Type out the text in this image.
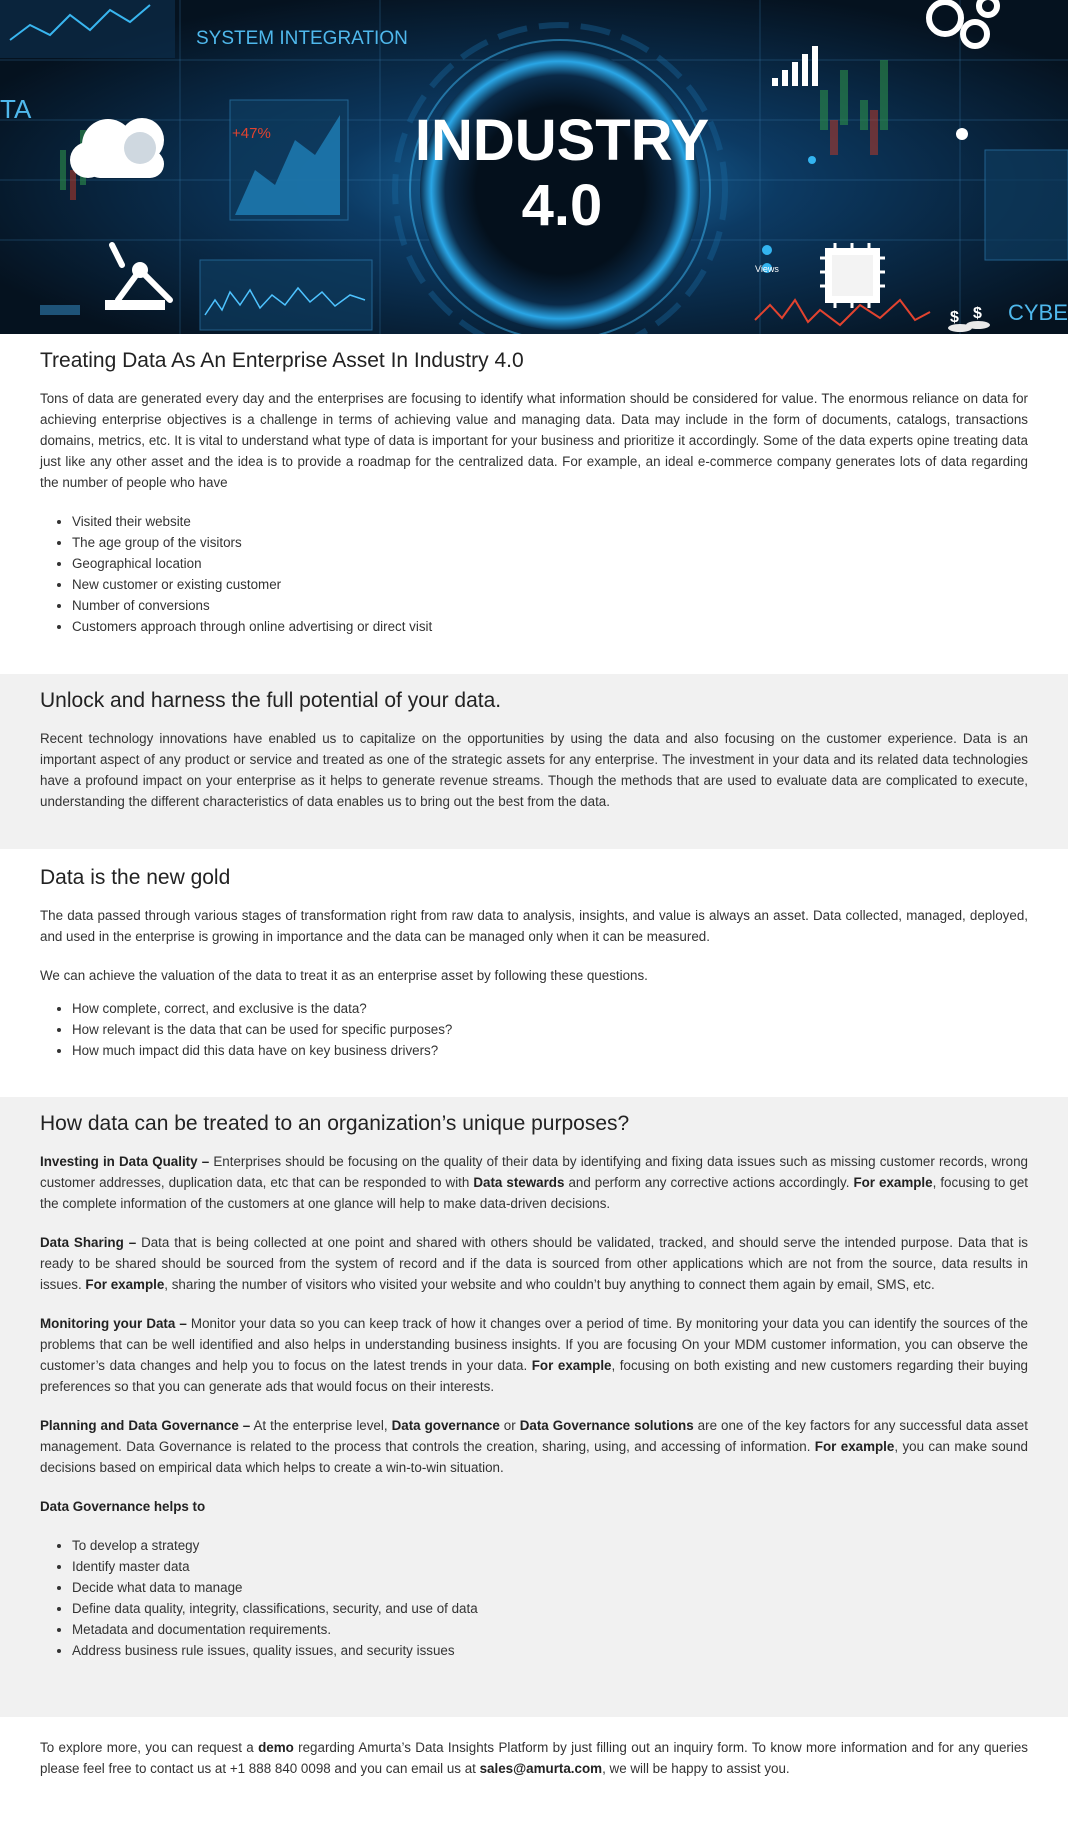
SYSTEM INTEGRATION
TA
+47% INDUSTRY
4.0
Views
CYBE
$ $
Treating Data As An Enterprise Asset In Industry 4.0

Tons of data are generated every day and the enterprises are focusing to identify what information should be considered for value. The enormous reliance on data for achieving enterprise objectives is a challenge in terms of achieving value and managing data. Data may include in the form of documents, catalogs, transactions domains, metrics, etc. It is vital to understand what type of data is important for your business and prioritize it accordingly. Some of the data experts opine treating data just like any other asset and the idea is to provide a roadmap for the centralized data. For example, an ideal e-commerce company generates lots of data regarding the number of people who have

• Visited their website
• The age group of the visitors
• Geographical location
• New customer or existing customer
• Number of conversions
• Customers approach through online advertising or direct visit
Unlock and harness the full potential of your data.

Recent technology innovations have enabled us to capitalize on the opportunities by using the data and also focusing on the customer experience. Data is an important aspect of any product or service and treated as one of the strategic assets for any enterprise. The investment in your data and its related data technologies have a profound impact on your enterprise as it helps to generate revenue streams. Though the methods that are used to evaluate data are complicated to execute, understanding the different characteristics of data enables us to bring out the best from the data.

Data is the new gold

The data passed through various stages of transformation right from raw data to analysis, insights, and value is always an asset. Data collected, managed, deployed, and used in the enterprise is growing in importance and the data can be managed only when it can be measured.

We can achieve the valuation of the data to treat it as an enterprise asset by following these questions.

• How complete, correct, and exclusive is the data?
• How relevant is the data that can be used for specific purposes?
• How much impact did this data have on key business drivers?
How data can be treated to an organization’s unique purposes?

Investing in Data Quality – Enterprises should be focusing on the quality of their data by identifying and fixing data issues such as missing customer records, wrong customer addresses, duplication data, etc that can be responded to with Data stewards and perform any corrective actions accordingly. For example, focusing to get the complete information of the customers at one glance will help to make data-driven decisions.

Data Sharing – Data that is being collected at one point and shared with others should be validated, tracked, and should serve the intended purpose. Data that is ready to be shared should be sourced from the system of record and if the data is sourced from other applications which are not from the source, data results in issues. For example, sharing the number of visitors who visited your website and who couldn’t buy anything to connect them again by email, SMS, etc.

Monitoring your Data – Monitor your data so you can keep track of how it changes over a period of time. By monitoring your data you can identify the sources of the problems that can be well identified and also helps in understanding business insights. If you are focusing On your MDM customer information, you can observe the customer’s data changes and help you to focus on the latest trends in your data. For example, focusing on both existing and new customers regarding their buying preferences so that you can generate ads that would focus on their interests.

Planning and Data Governance – At the enterprise level, Data governance or Data Governance solutions are one of the key factors for any successful data asset management. Data Governance is related to the process that controls the creation, sharing, using, and accessing of information. For example, you can make sound decisions based on empirical data which helps to create a win-to-win situation.

Data Governance helps to
• To develop a strategy
• Identify master data
• Decide what data to manage
• Define data quality, integrity, classifications, security, and use of data
• Metadata and documentation requirements.
• Address business rule issues, quality issues, and security issues

To explore more, you can request a demo regarding Amurta’s Data Insights Platform by just filling out an inquiry form. To know more information and for any queries please feel free to contact us at +1 888 840 0098 and you can email us at sales@amurta.com, we will be happy to assist you.
